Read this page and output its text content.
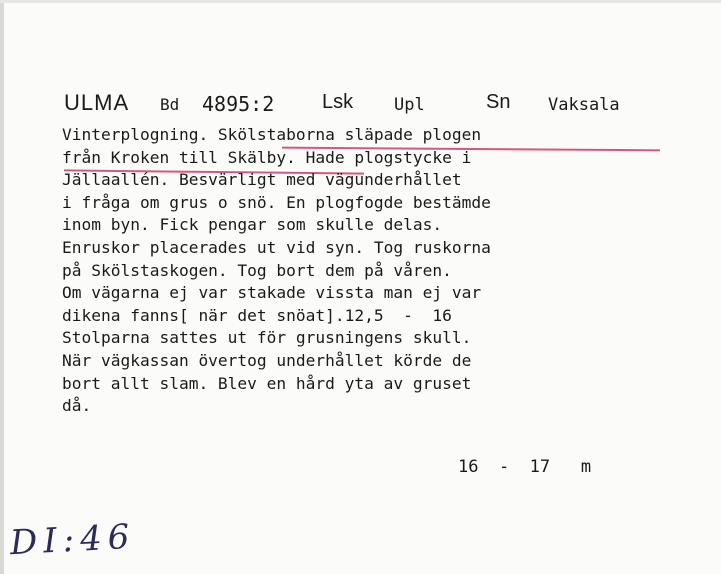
ULMA Bd 4895:2 Lsk Upl	Sn Vaksala
Vinterplogning. Skölstaborna släpade plogen
från Kroken till Skälby. Hade plogstycke i
Jällaallén. Besvärligt med vägunderhållet
i fråga om grus o snö. En plogfogde bestämde
inom byn. Fick pengar som skulle delas.
Enruskor placerades ut vid syn. Tog ruskorna
på Skölstaskogen. Tog bort dem på våren.
Om vägarna ej var stakade vissta man ej var
dikena fanns[ när det snöat].12,5  -  16
Stolparna sattes ut för grusningens skull.
När vägkassan övertog underhållet körde de
bort allt slam. Blev en hård yta av gruset
då.
16  -  17   m
DI:46
